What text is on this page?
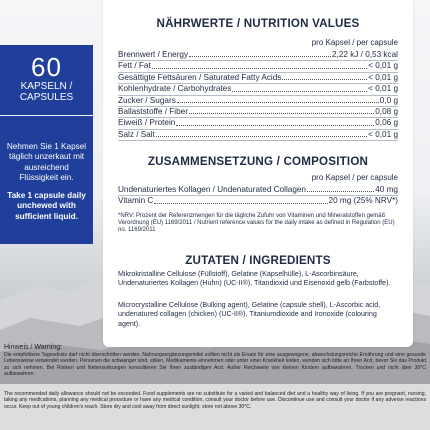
60
KAPSELN /
CAPSULES

Nehmen Sie 1 Kapsel täglich unzerkaut mit ausreichend Flüssigkeit ein.

Take 1 capsule daily unchewed with sufficient liquid.

NÄHRWERTE / NUTRITION VALUES
pro Kapsel / per capsule
Brennwert / Energy	2,22 kJ / 0,53 kcal
Fett / Fat	< 0,01 g
Gesättigte Fettsäuren / Saturated Fatty Acids	< 0,01 g
Kohlenhydrate / Carbohydrates	< 0,01 g
Zucker / Sugars	0,0 g
Ballaststoffe / Fiber	0,08 g
Eiweiß / Protein	0,06 g
Salz / Salt	< 0,01 g
ZUSAMMENSETZUNG / COMPOSITION
pro Kapsel / per capsule
Undenaturiertes Kollagen / Undenaturated Collagen	40 mg
Vitamin C	20 mg (25% NRV*)
*NRV: Prozent der Referenzmengen für die tägliche Zufuhr von Vitaminen und Mineralstoffen gemäß Verordnung (EU) 1169/2011 / Nutrient reference values for the daily intake as defined in Regulation (EU) no. 1169/2011
ZUTATEN / INGREDIENTS
Mikrokristalline Cellulose (Füllstoff), Gelatine (Kapselhülle), L-Ascorbinsäure, Undenaturiertes Kollagen (Huhn) (UC-II®), Titandioxid und Eisenoxid gelb (Farbstoffe).
Microcrystalline Cellulose (Bulking agent), Gelatine (capsule shell), L-Ascorbic acid, undenatured collagen (chicken) (UC-II®), Titaniumdioxide and Ironoxide (colouring agent).
Hinweis / Warning:
Die empfohlene Tagesdosis darf nicht überschritten werden. Nahrungsergänzungsmittel sollten nicht als Ersatz für eine ausgewogene, abwechslungsreiche Ernährung und eine gesunde Lebensweise verwendet werden. Personen die schwanger sind, stillen, Medikamente einnehmen oder unter einer Krankheit leiden, wenden sich bitte an Ihren Arzt, bevor Sie das Produkt zu sich nehmen. Bei Risiken und Nebenwirkungen konsultieren Sie Ihren zuständigen Arzt. Außer Reichweite von kleinen Kindern aufbewahren. Trocken und nicht über 30°C aufbewahren.
The recommended daily allowance should not be exceeded. Food supplements are no substitute for a varied and balanced diet and a healthy way of living. If you are pregnant, nursing, taking any medications, planning any medical procedure or have any medical condition, consult your doctor before use. Discontinue use and consult your doctor if any adverse reactions occur. Keep out of young children's reach. Store dry and cool away from direct sunlight, store not above 30°C.
